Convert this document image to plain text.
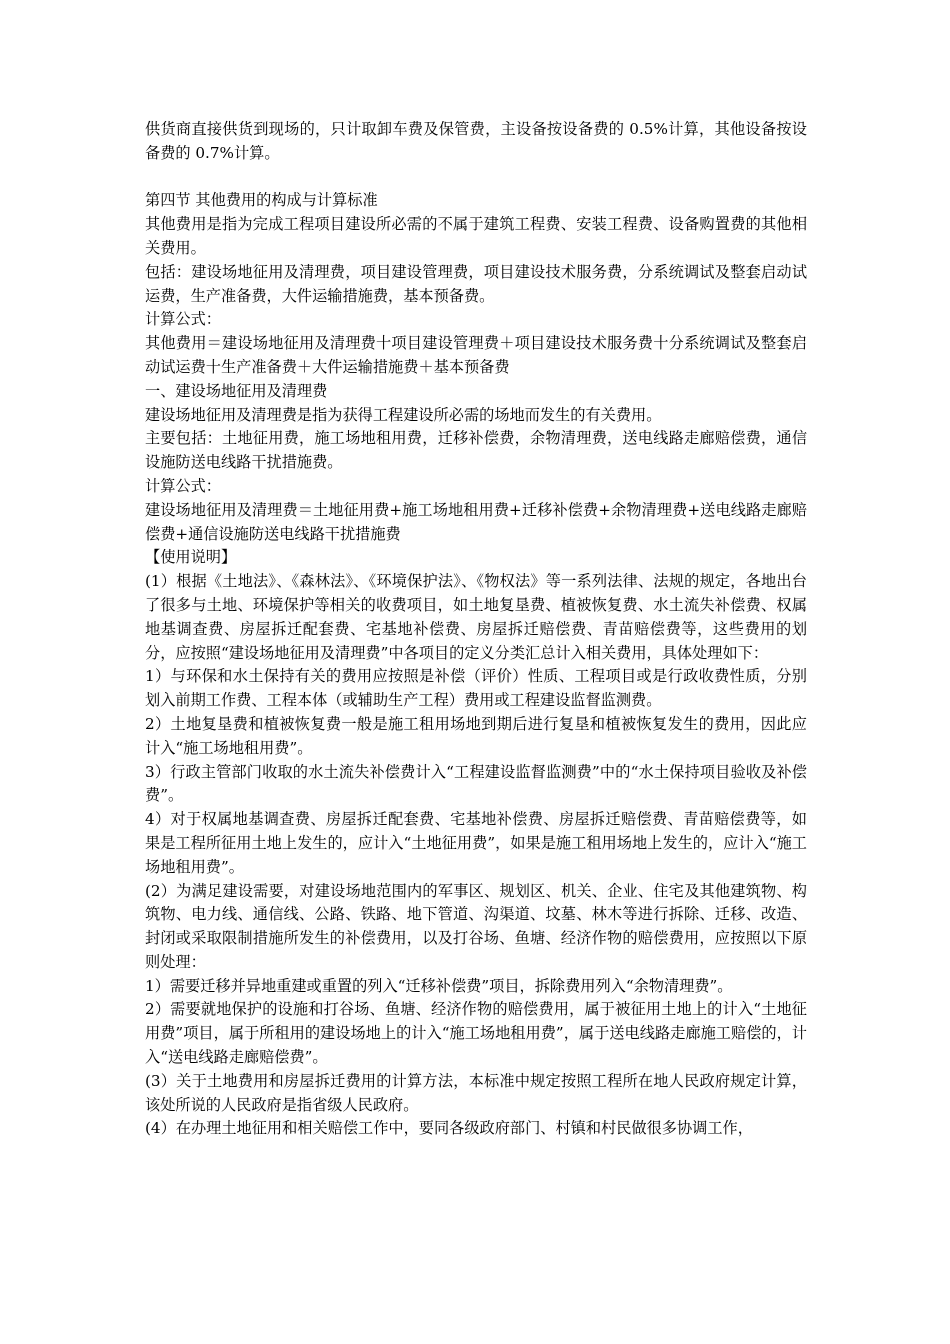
供货商直接供货到现场的，只计取卸车费及保管费，主设备按设备费的 0.5%计算，其他设备按设备费的 0.7%计算。

第四节 其他费用的构成与计算标准

其他费用是指为完成工程项目建设所必需的不属于建筑工程费、安装工程费、设备购置费的其他相关费用。

包括：建设场地征用及清理费，项目建设管理费，项目建设技术服务费，分系统调试及整套启动试运费，生产准备费，大件运输措施费，基本预备费。

计算公式：

其他费用＝建设场地征用及清理费十项目建设管理费＋项目建设技术服务费十分系统调试及整套启动试运费十生产准备费＋大件运输措施费＋基本预备费

一、建设场地征用及清理费

建设场地征用及清理费是指为获得工程建设所必需的场地而发生的有关费用。

主要包括：土地征用费，施工场地租用费，迁移补偿费，余物清理费，送电线路走廊赔偿费，通信设施防送电线路干扰措施费。

计算公式：

建设场地征用及清理费＝土地征用费+施工场地租用费+迁移补偿费+余物清理费+送电线路走廊赔偿费+通信设施防送电线路干扰措施费

【使用说明】

(1）根据《土地法》、《森林法》、《环境保护法》、《物权法》等一系列法律、法规的规定，各地出台了很多与土地、环境保护等相关的收费项目，如土地复垦费、植被恢复费、水土流失补偿费、权属地基调查费、房屋拆迁配套费、宅基地补偿费、房屋拆迁赔偿费、青苗赔偿费等，这些费用的划分，应按照“建设场地征用及清理费”中各项目的定义分类汇总计入相关费用，具体处理如下：

1）与环保和水土保持有关的费用应按照是补偿（评价）性质、工程项目或是行政收费性质，分别划入前期工作费、工程本体（或辅助生产工程）费用或工程建设监督监测费。

2）土地复垦费和植被恢复费一般是施工租用场地到期后进行复垦和植被恢复发生的费用，因此应计入“施工场地租用费”。

3）行政主管部门收取的水土流失补偿费计入“工程建设监督监测费”中的“水土保持项目验收及补偿费”。

4）对于权属地基调查费、房屋拆迁配套费、宅基地补偿费、房屋拆迁赔偿费、青苗赔偿费等，如果是工程所征用土地上发生的，应计入“土地征用费”，如果是施工租用场地上发生的，应计入“施工场地租用费”。

(2）为满足建设需要，对建设场地范围内的军事区、规划区、机关、企业、住宅及其他建筑物、构筑物、电力线、通信线、公路、铁路、地下管道、沟渠道、坟墓、林木等进行拆除、迁移、改造、封闭或采取限制措施所发生的补偿费用，以及打谷场、鱼塘、经济作物的赔偿费用，应按照以下原则处理：

1）需要迁移并异地重建或重置的列入“迁移补偿费”项目，拆除费用列入“余物清理费”。

2）需要就地保护的设施和打谷场、鱼塘、经济作物的赔偿费用，属于被征用土地上的计入“土地征用费”项目，属于所租用的建设场地上的计入“施工场地租用费”，属于送电线路走廊施工赔偿的，计入“送电线路走廊赔偿费”。

(3）关于土地费用和房屋拆迁费用的计算方法，本标准中规定按照工程所在地人民政府规定计算，该处所说的人民政府是指省级人民政府。

(4）在办理土地征用和相关赔偿工作中，要同各级政府部门、村镇和村民做很多协调工作，
